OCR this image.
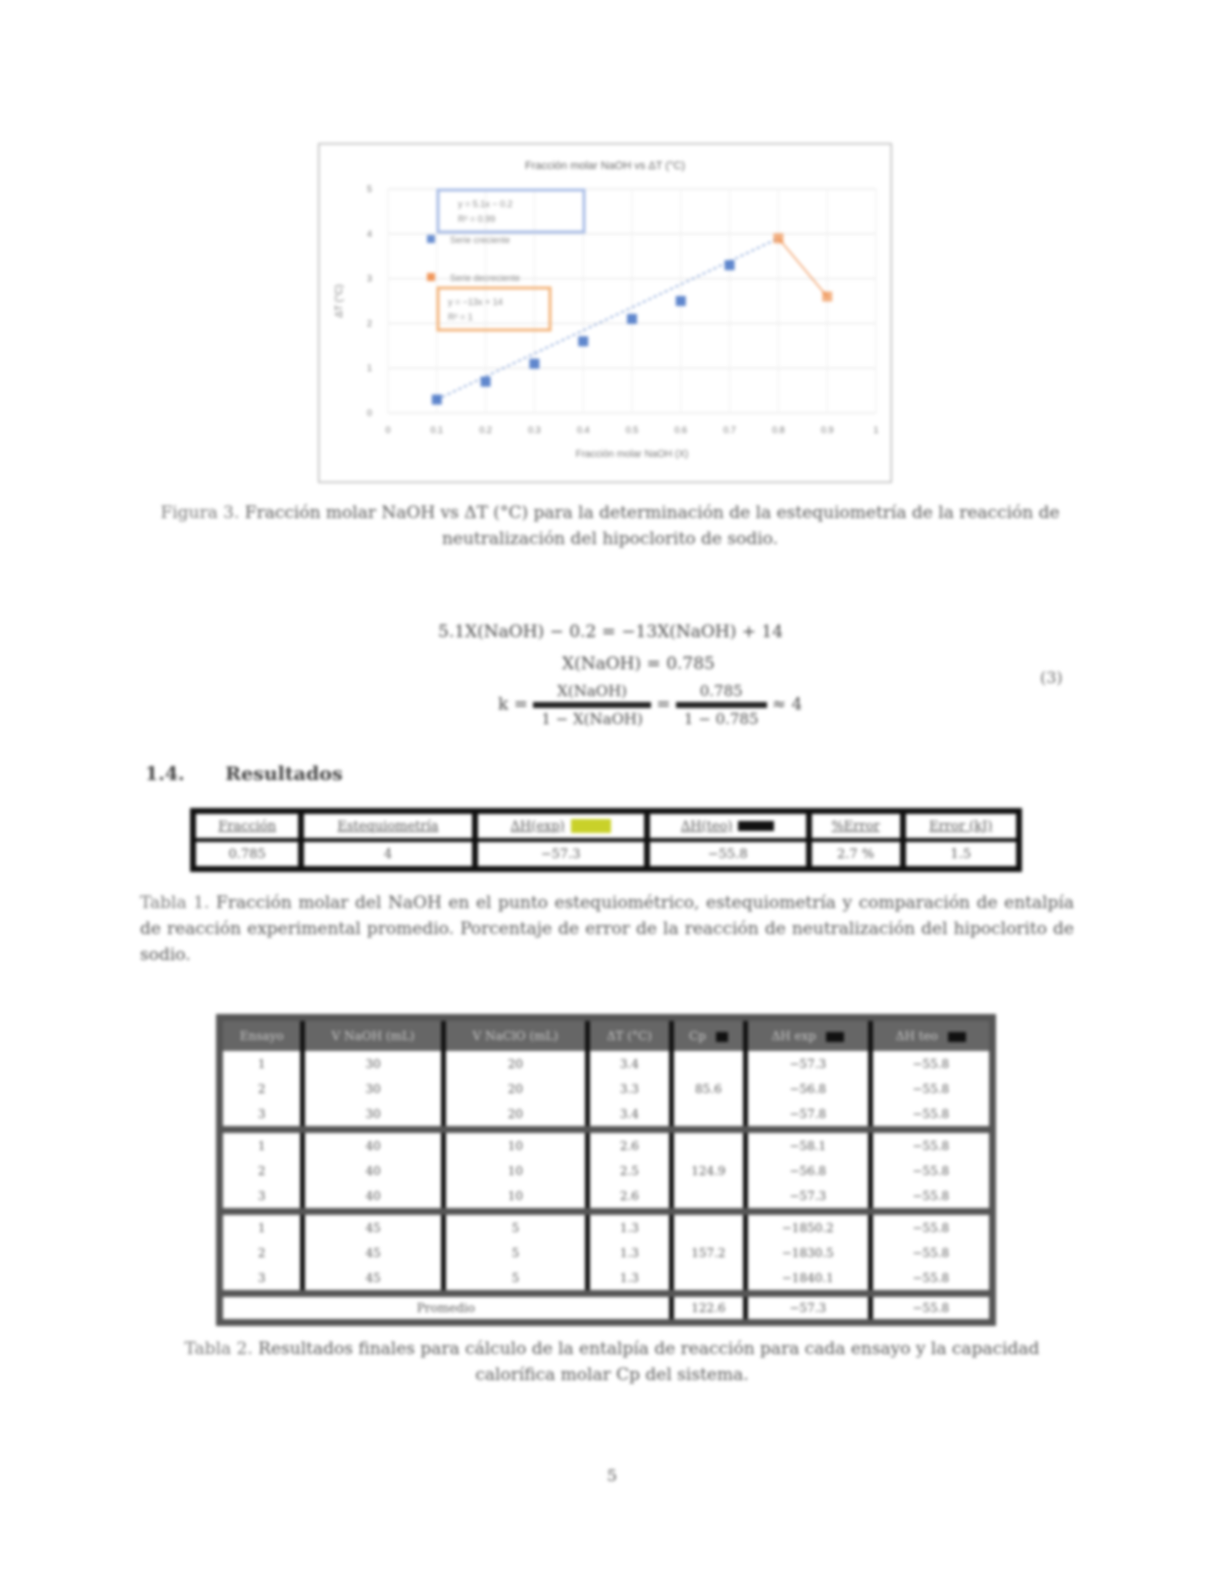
Fracción molar NaOH vs ΔT (°C)
0
1
2
3
4
5
0	0.1	0.2	0.3	0.4	0.5	0.6	0.7	0.8	0.9	1
Fracción molar NaOH (X)
ΔT (°C)
Serie creciente
Serie decreciente
y = 5.1x − 0.2
R² = 0.99
y = −13x + 14
R² = 1
Figura 3. Fracción molar NaOH vs ΔT (°C) para la determinación de la estequiometría de la reacción de neutralización del hipoclorito de sodio.
5.1X(NaOH) − 0.2 = −13X(NaOH) + 14
X(NaOH) = 0.785
k =
X(NaOH)
1 − X(NaOH)
=
0.785
1 − 0.785
≈ 4
(3)
1.4. Resultados
Fracción	Estequiometría	ΔH(exp)	ΔH(teo)	%Error	Error (kJ)
0.785	4	−57.3	−55.8	2.7 %	1.5
Tabla 1. Fracción molar del NaOH en el punto estequiométrico, estequiometría y comparación de entalpía de reacción experimental promedio. Porcentaje de error de la reacción de neutralización del hipoclorito de sodio.
Ensayo	V NaOH (mL)	V NaClO (mL)	ΔT (°C)	Cp	ΔH exp	ΔH teo
1	30	20	3.4	85.6	−57.3	−55.8
2	30	20	3.3		−56.8	−55.8
3	30	20	3.4		−57.8	−55.8
1	40	10	2.6	124.9	−58.1	−55.8
2	40	10	2.5		−56.8	−55.8
3	40	10	2.6		−57.3	−55.8
1	45	5	1.3	157.2	−1850.2	−55.8
2	45	5	1.3		−1830.5	−55.8
3	45	5	1.3		−1840.1	−55.8
Promedio				122.6	−57.3	−55.8
Tabla 2. Resultados finales para cálculo de la entalpía de reacción para cada ensayo y la capacidad calorífica molar Cp del sistema.
5
